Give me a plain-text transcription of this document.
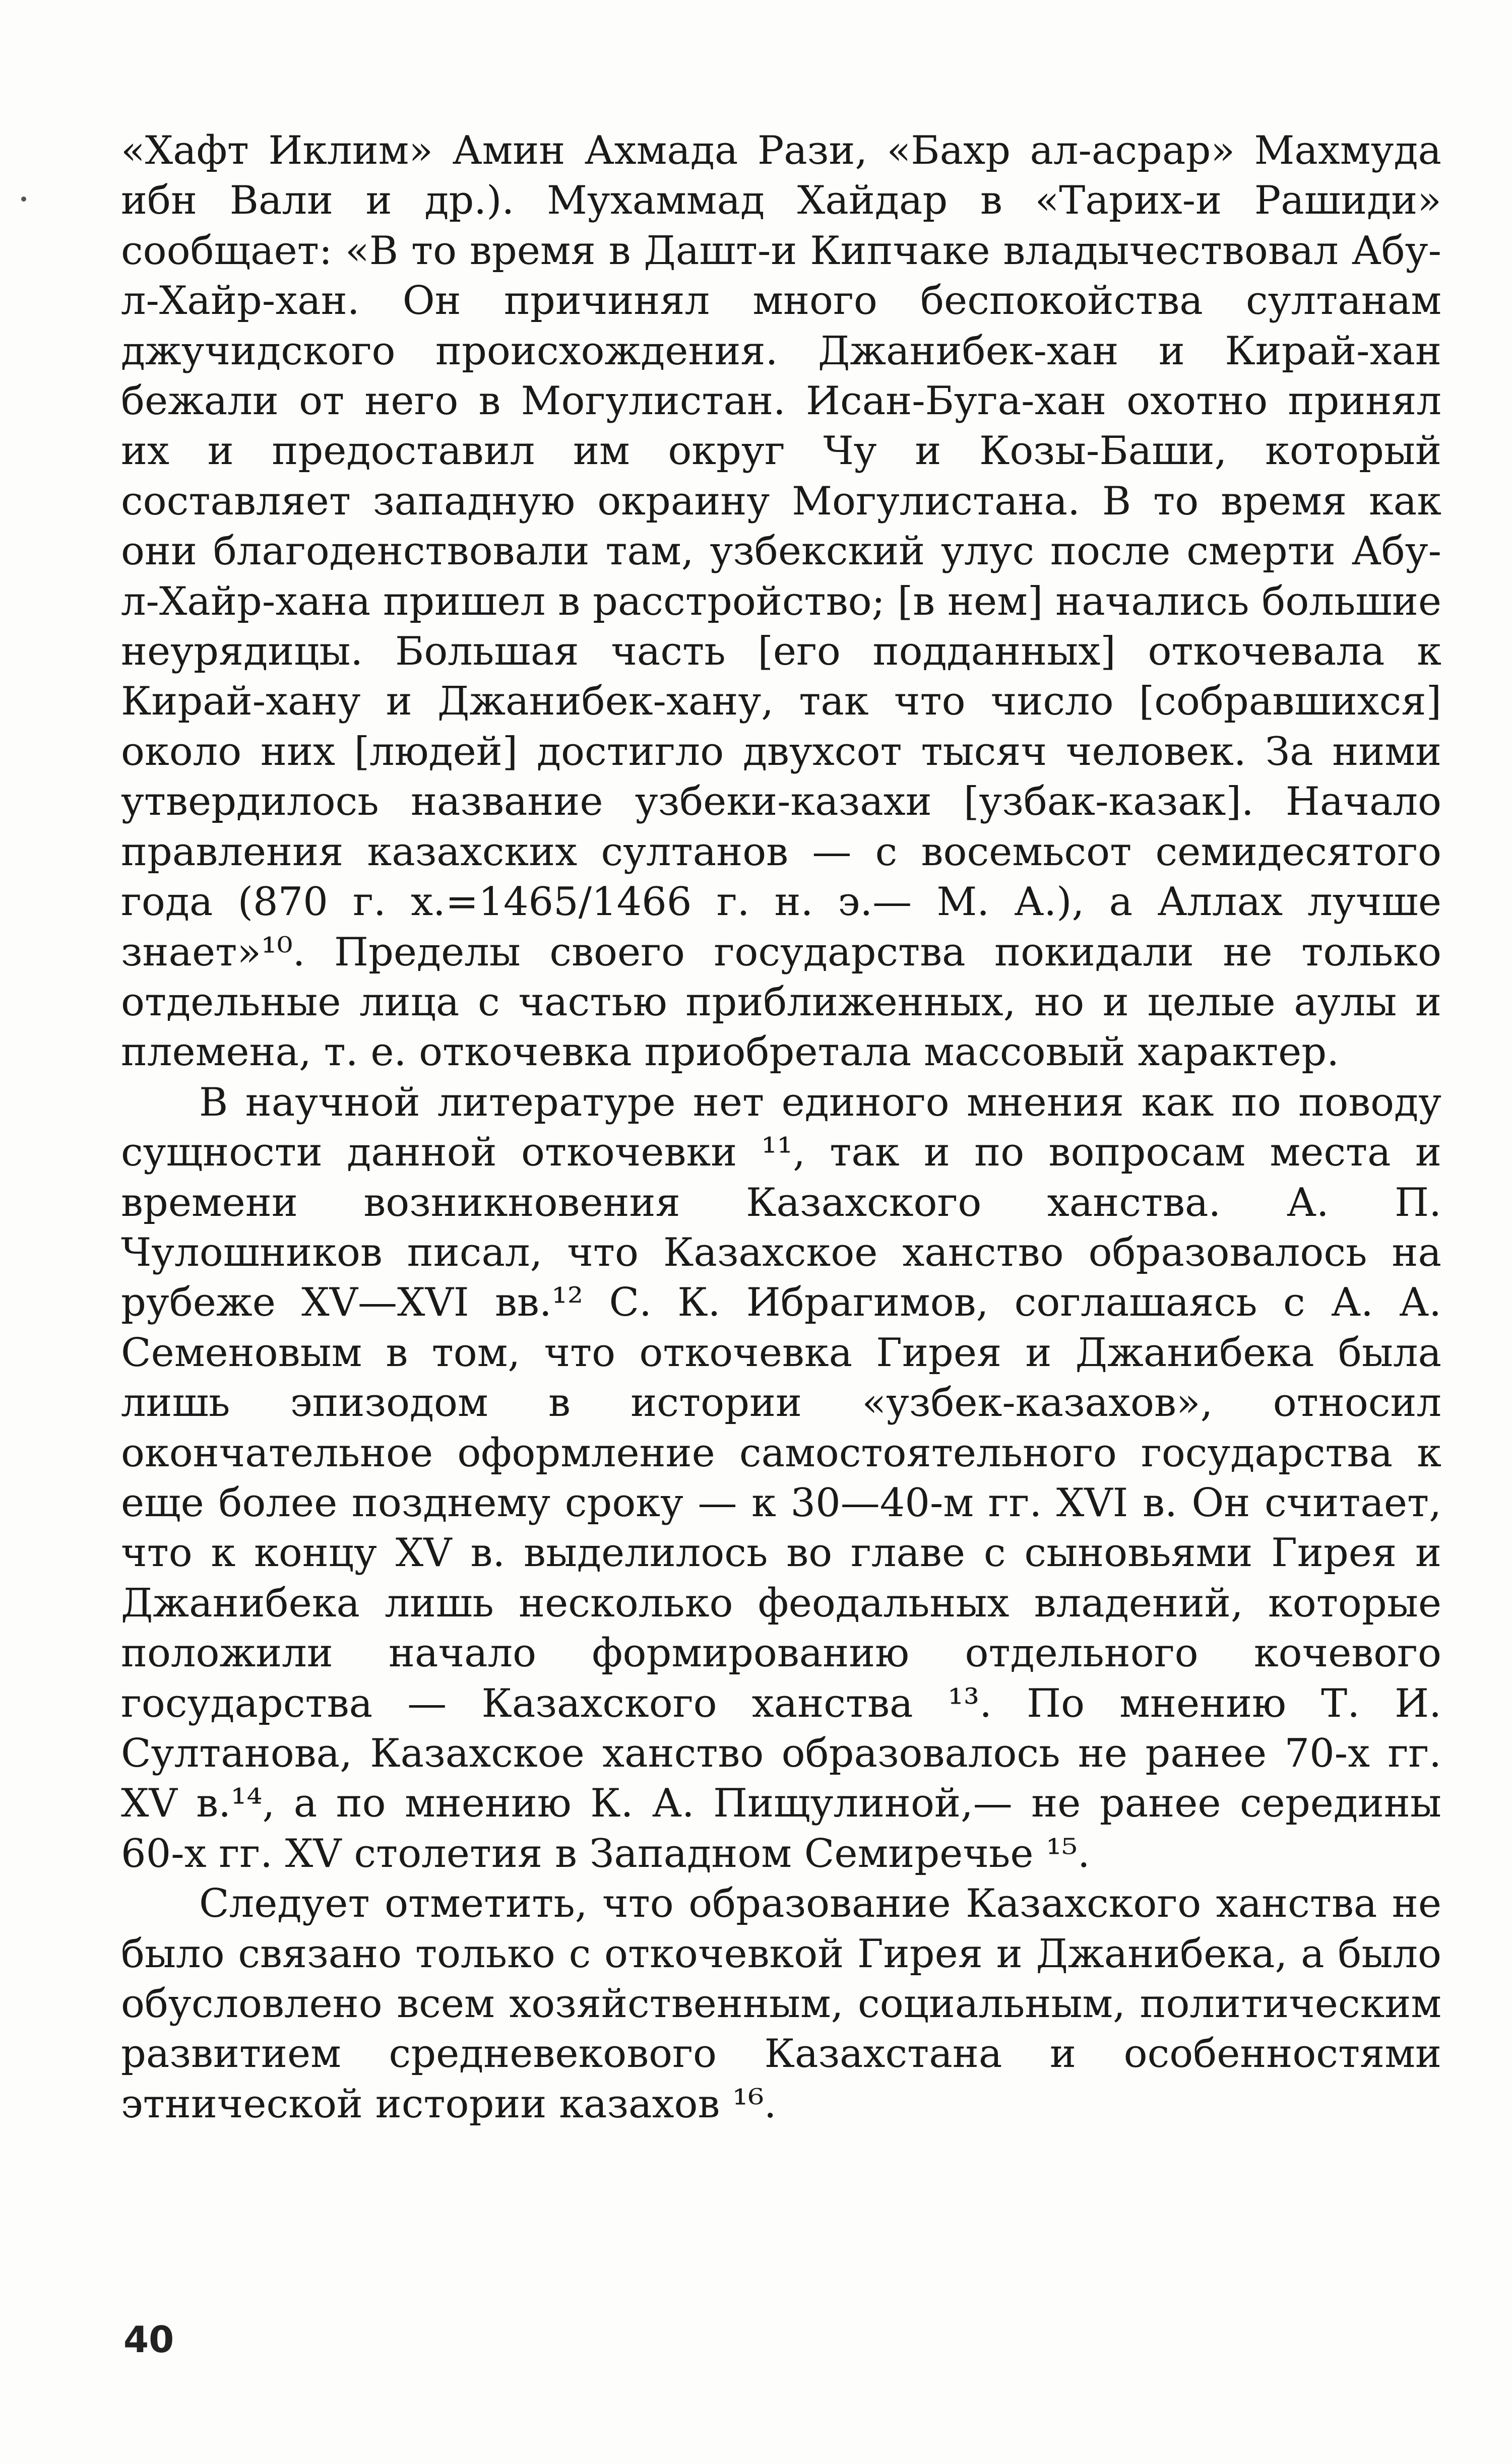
«Хафт Иклим» Амин Ахмада Рази, «Бахр ал-асрар» Махмуда ибн Вали и др.). Мухаммад Хайдар в «Тарих-и Рашиди» сообщает: «В то время в Дашт-и Кипчаке владычествовал Абу-л-Хайр-хан. Он причинял много беспокойства султанам джучидского происхождения. Джанибек-хан и Кирай-хан бежали от него в Могулистан. Исан-Буга-хан охотно принял их и предоставил им округ Чу и Козы-Баши, который составляет западную окраину Могулистана. В то время как они благоденствовали там, узбекский улус после смерти Абу-л-Хайр-хана пришел в расстройство; [в нем] начались большие неурядицы. Большая часть [его подданных] откочевала к Кирай-хану и Джанибек-хану, так что число [собравшихся] около них [людей] достигло двухсот тысяч человек. За ними утвердилось название узбеки-казахи [узбак-казак]. Начало правления казахских султанов — с восемьсот семидесятого года (870 г. х.=1465/1466 г. н. э.— М. А.), а Аллах лучше знает»¹⁰. Пределы своего государства покидали не только отдельные лица с частью приближенных, но и целые аулы и племена, т. е. откочевка приобретала массовый характер.

В научной литературе нет единого мнения как по поводу сущности данной откочевки ¹¹, так и по вопросам места и времени возникновения Казахского ханства. А. П. Чулошников писал, что Казахское ханство образовалось на рубеже XV—XVI вв.¹² С. К. Ибрагимов, соглашаясь с А. А. Семеновым в том, что откочевка Гирея и Джанибека была лишь эпизодом в истории «узбек-казахов», относил окончательное оформление самостоятельного государства к еще более позднему сроку — к 30—40-м гг. XVI в. Он считает, что к концу XV в. выделилось во главе с сыновьями Гирея и Джанибека лишь несколько феодальных владений, которые положили начало формированию отдельного кочевого государства — Казахского ханства ¹³. По мнению Т. И. Султанова, Казахское ханство образовалось не ранее 70-х гг. XV в.¹⁴, а по мнению К. А. Пищулиной,— не ранее середины 60-х гг. XV столетия в Западном Семиречье ¹⁵.

Следует отметить, что образование Казахского ханства не было связано только с откочевкой Гирея и Джанибека, а было обусловлено всем хозяйственным, социальным, политическим развитием средневекового Казахстана и особенностями этнической истории казахов ¹⁶.

40
